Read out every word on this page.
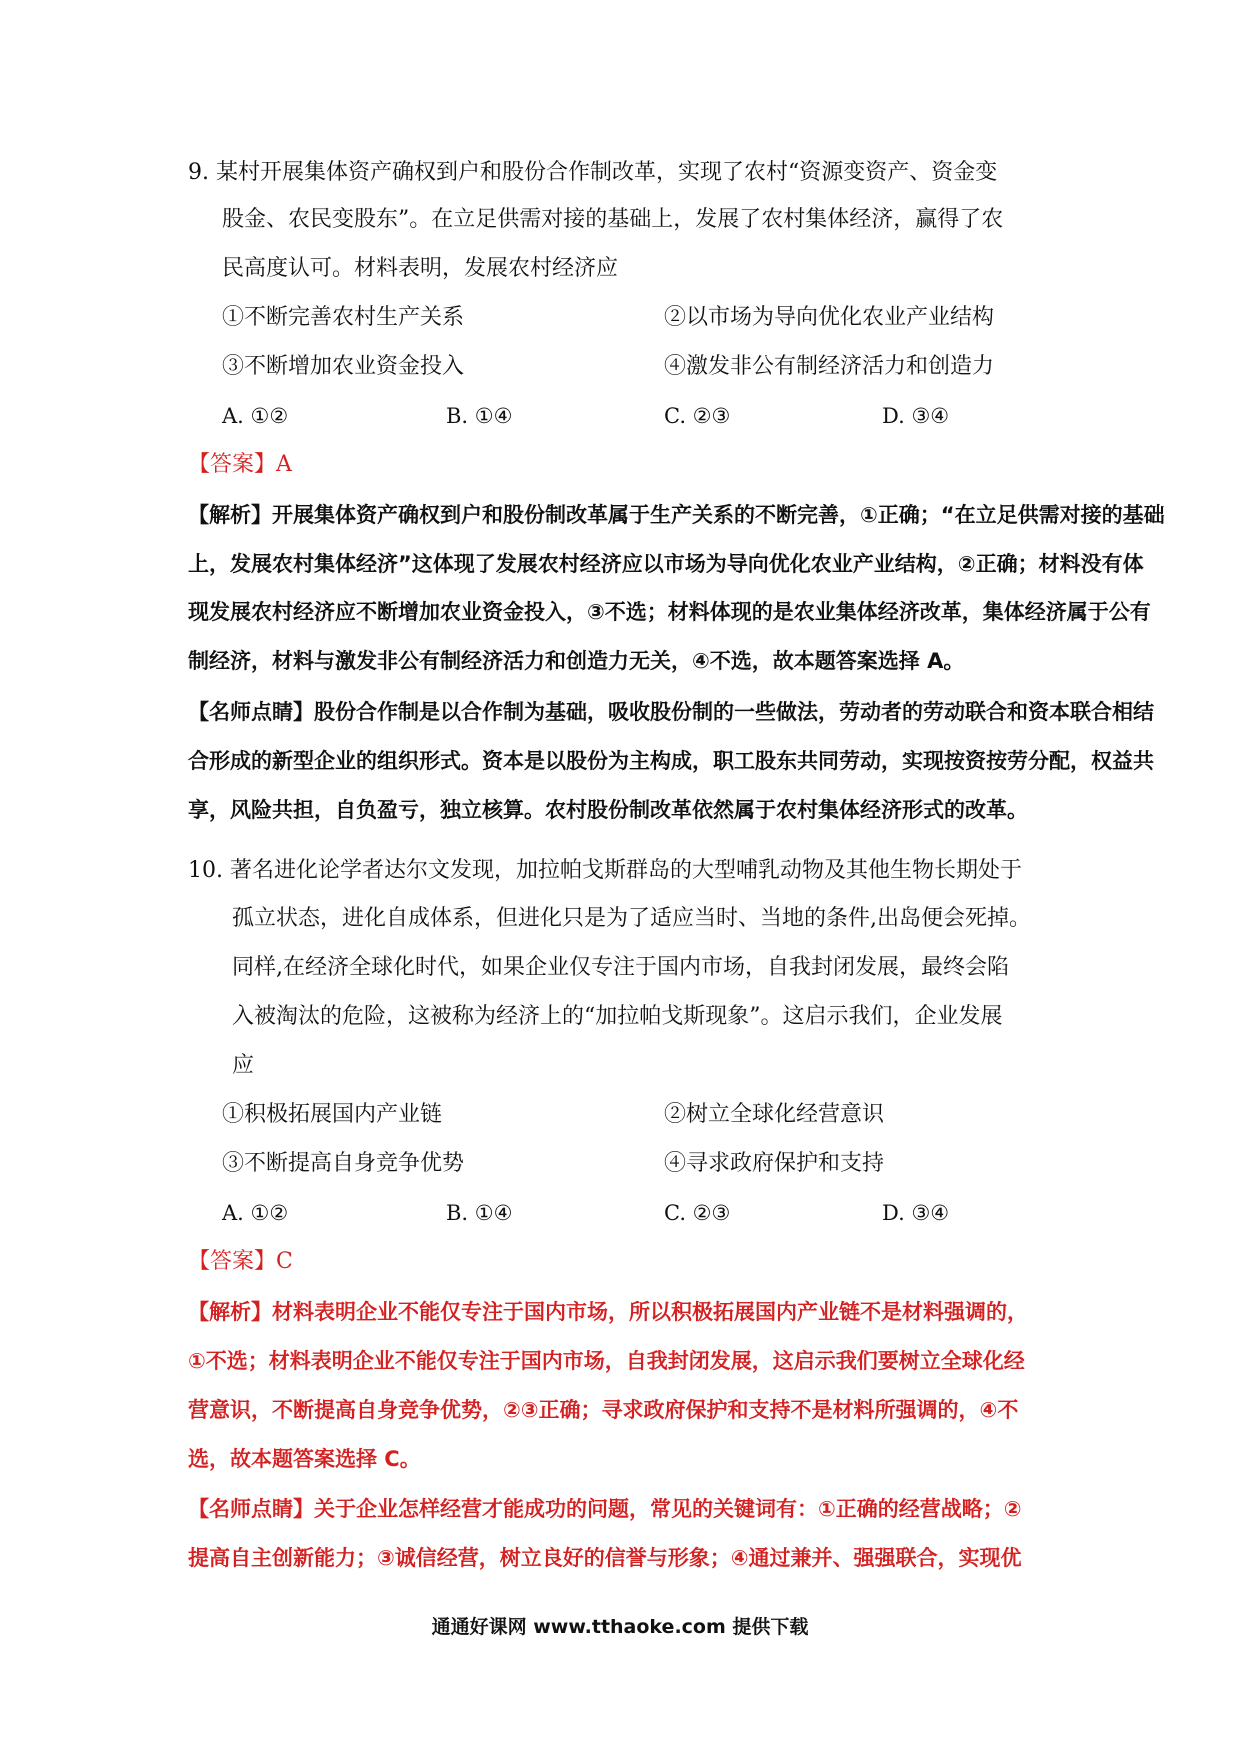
9. 某村开展集体资产确权到户和股份合作制改革，实现了农村“资源变资产、资金变
股金、农民变股东”。在立足供需对接的基础上，发展了农村集体经济，赢得了农
民高度认可。材料表明，发展农村经济应
①不断完善农村生产关系	②以市场为导向优化农业产业结构
③不断增加农业资金投入	④激发非公有制经济活力和创造力
A. ①②	B. ①④	C. ②③	D. ③④
【答案】A
【解析】开展集体资产确权到户和股份制改革属于生产关系的不断完善，①正确；“在立足供需对接的基础
上，发展农村集体经济”这体现了发展农村经济应以市场为导向优化农业产业结构，②正确；材料没有体
现发展农村经济应不断增加农业资金投入，③不选；材料体现的是农业集体经济改革，集体经济属于公有
制经济，材料与激发非公有制经济活力和创造力无关，④不选，故本题答案选择 A。
【名师点睛】股份合作制是以合作制为基础，吸收股份制的一些做法，劳动者的劳动联合和资本联合相结
合形成的新型企业的组织形式。资本是以股份为主构成，职工股东共同劳动，实现按资按劳分配，权益共
享，风险共担，自负盈亏，独立核算。农村股份制改革依然属于农村集体经济形式的改革。
10. 著名进化论学者达尔文发现，加拉帕戈斯群岛的大型哺乳动物及其他生物长期处于
孤立状态，进化自成体系，但进化只是为了适应当时、当地的条件,出岛便会死掉。
同样,在经济全球化时代，如果企业仅专注于国内市场，自我封闭发展，最终会陷
入被淘汰的危险，这被称为经济上的“加拉帕戈斯现象”。这启示我们，企业发展
应
①积极拓展国内产业链	②树立全球化经营意识
③不断提高自身竞争优势	④寻求政府保护和支持
A. ①②	B. ①④	C. ②③	D. ③④
【答案】C
【解析】材料表明企业不能仅专注于国内市场，所以积极拓展国内产业链不是材料强调的，
①不选；材料表明企业不能仅专注于国内市场，自我封闭发展，这启示我们要树立全球化经
营意识，不断提高自身竞争优势，②③正确；寻求政府保护和支持不是材料所强调的，④不
选，故本题答案选择 C。
【名师点睛】关于企业怎样经营才能成功的问题，常见的关键词有：①正确的经营战略；②
提高自主创新能力；③诚信经营，树立良好的信誉与形象；④通过兼并、强强联合，实现优
通通好课网 www.tthaoke.com 提供下载
